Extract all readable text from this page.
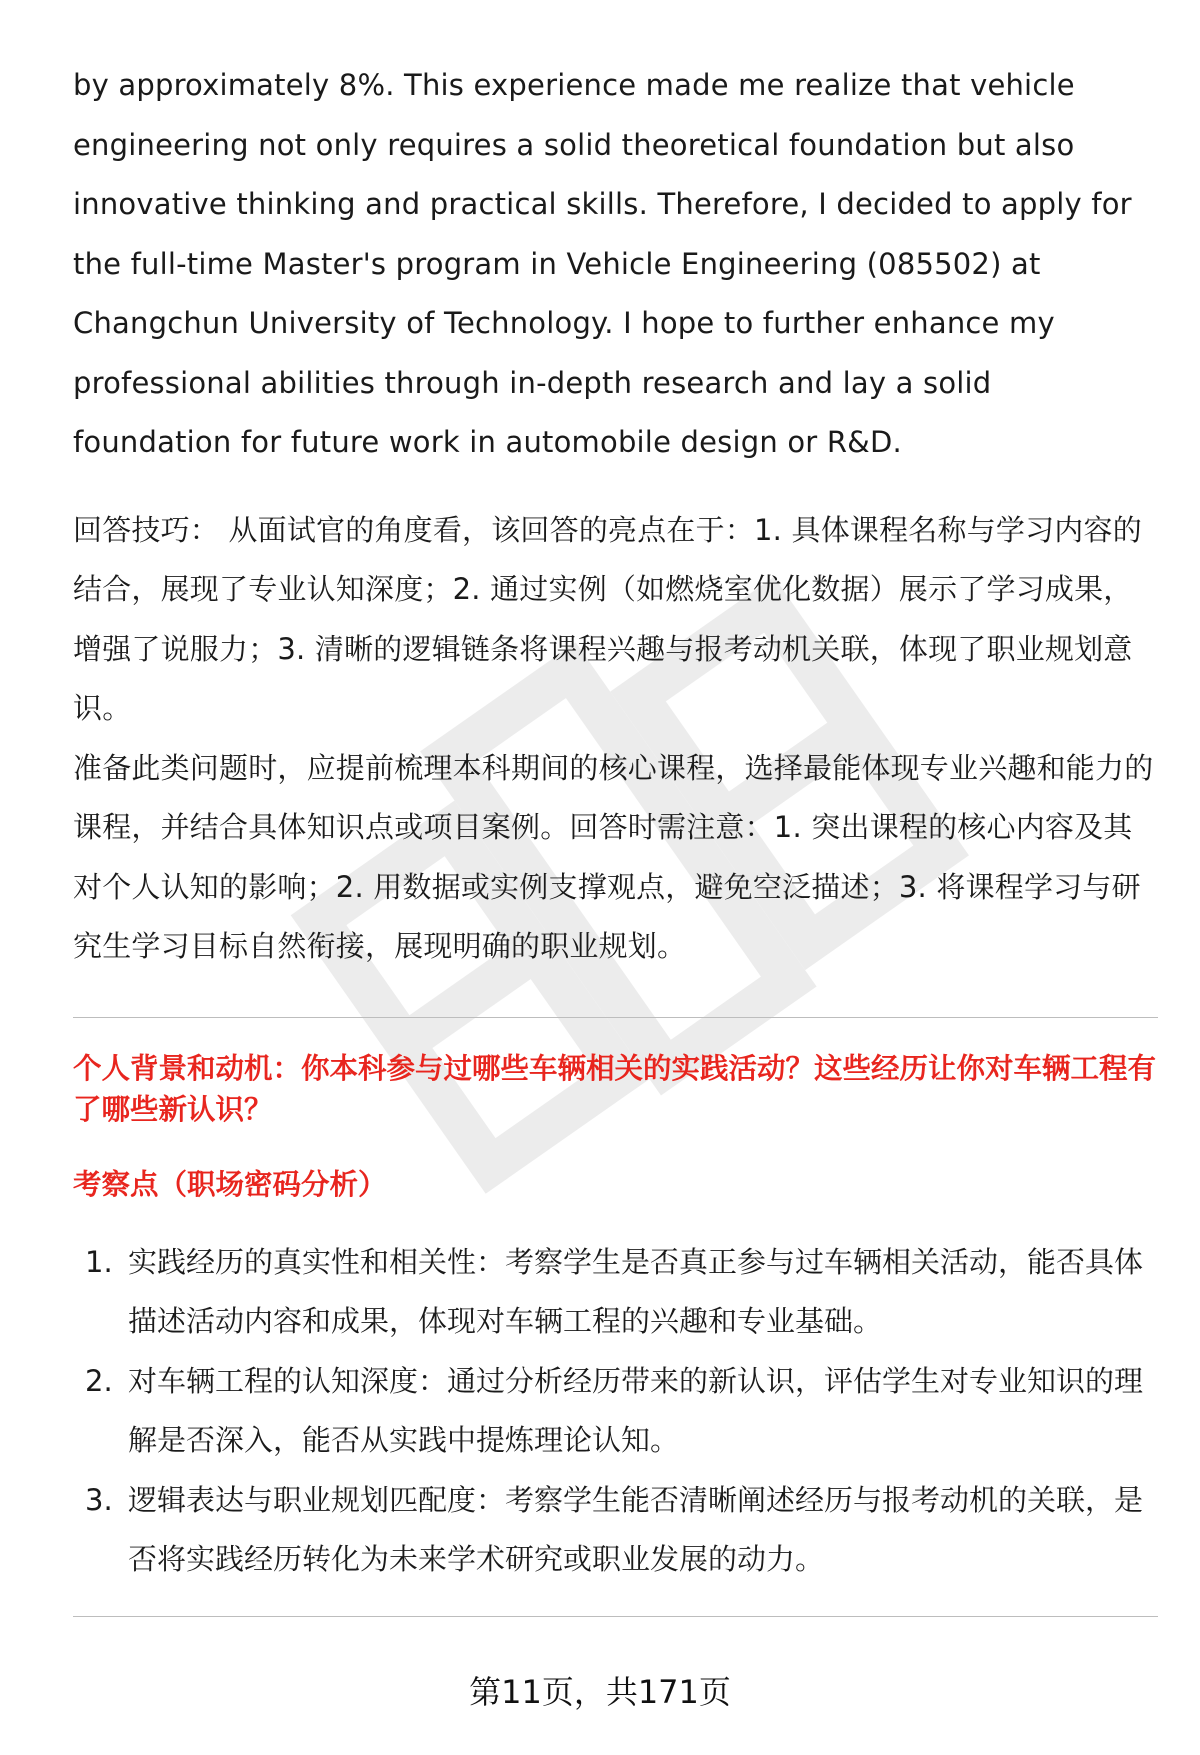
by approximately 8%. This experience made me realize that vehicle engineering not only requires a solid theoretical foundation but also innovative thinking and practical skills. Therefore, I decided to apply for the full-time Master's program in Vehicle Engineering (085502) at Changchun University of Technology. I hope to further enhance my professional abilities through in-depth research and lay a solid foundation for future work in automobile design or R&D.

回答技巧： 从面试官的角度看，该回答的亮点在于：1. 具体课程名称与学习内容的结合，展现了专业认知深度；2. 通过实例（如燃烧室优化数据）展示了学习成果，增强了说服力；3. 清晰的逻辑链条将课程兴趣与报考动机关联，体现了职业规划意识。

准备此类问题时，应提前梳理本科期间的核心课程，选择最能体现专业兴趣和能力的课程，并结合具体知识点或项目案例。回答时需注意：1. 突出课程的核心内容及其对个人认知的影响；2. 用数据或实例支撑观点，避免空泛描述；3. 将课程学习与研究生学习目标自然衔接，展现明确的职业规划。

个人背景和动机：你本科参与过哪些车辆相关的实践活动？这些经历让你对车辆工程有了哪些新认识？
考察点（职场密码分析）
1. 实践经历的真实性和相关性：考察学生是否真正参与过车辆相关活动，能否具体描述活动内容和成果，体现对车辆工程的兴趣和专业基础。
2. 对车辆工程的认知深度：通过分析经历带来的新认识，评估学生对专业知识的理解是否深入，能否从实践中提炼理论认知。
3. 逻辑表达与职业规划匹配度：考察学生能否清晰阐述经历与报考动机的关联，是否将实践经历转化为未来学术研究或职业发展的动力。
第11页，共171页
